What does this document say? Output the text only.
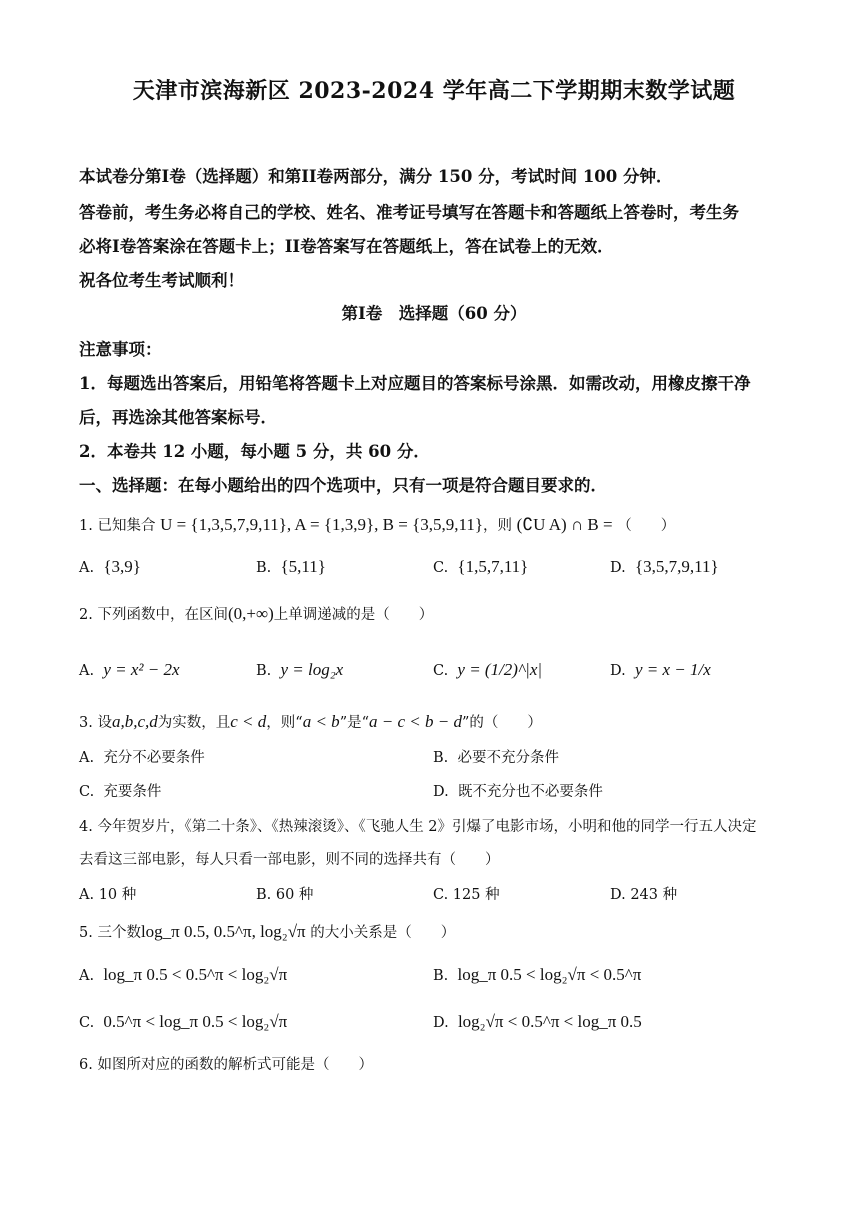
天津市滨海新区 2023-2024 学年高二下学期期末数学试题
本试卷分第I卷（选择题）和第II卷两部分，满分 150 分，考试时间 100 分钟．
答卷前，考生务必将自己的学校、姓名、准考证号填写在答题卡和答题纸上答卷时，考生务
必将I卷答案涂在答题卡上；II卷答案写在答题纸上，答在试卷上的无效．
祝各位考生考试顺利！
第I卷　选择题（60 分）
注意事项：
1．每题选出答案后，用铅笔将答题卡上对应题目的答案标号涂黑．如需改动，用橡皮擦干净
后，再选涂其他答案标号．
2．本卷共 12 小题，每小题 5 分，共 60 分．
一、选择题：在每小题给出的四个选项中，只有一项是符合题目要求的．
1. 已知集合 U = {1,3,5,7,9,11}, A = {1,3,9}, B = {3,5,9,11}，则 (∁U A) ∩ B = （　　）
A. {3,9}	B. {5,11}	C. {1,5,7,11}	D. {3,5,7,9,11}
2. 下列函数中，在区间(0,+∞)上单调递减的是（　　）
A. y = x² − 2x	B. y = log₂x	C. y = (1/2)^|x|	D. y = x − 1/x
3. 设a,b,c,d为实数，且c < d，则“a < b”是“a − c < b − d”的（　　）
A. 充分不必要条件	B. 必要不充分条件
C. 充要条件	D. 既不充分也不必要条件
4. 今年贺岁片，《第二十条》、《热辣滚烫》、《飞驰人生 2》引爆了电影市场，小明和他的同学一行五人决定
去看这三部电影，每人只看一部电影，则不同的选择共有（　　）
A. 10 种	B. 60 种	C. 125 种	D. 243 种
5. 三个数log_π 0.5, 0.5^π, log₂√π 的大小关系是（　　）
A. log_π 0.5 < 0.5^π < log₂√π	B. log_π 0.5 < log₂√π < 0.5^π
C. 0.5^π < log_π 0.5 < log₂√π	D. log₂√π < 0.5^π < log_π 0.5
6. 如图所对应的函数的解析式可能是（　　）
